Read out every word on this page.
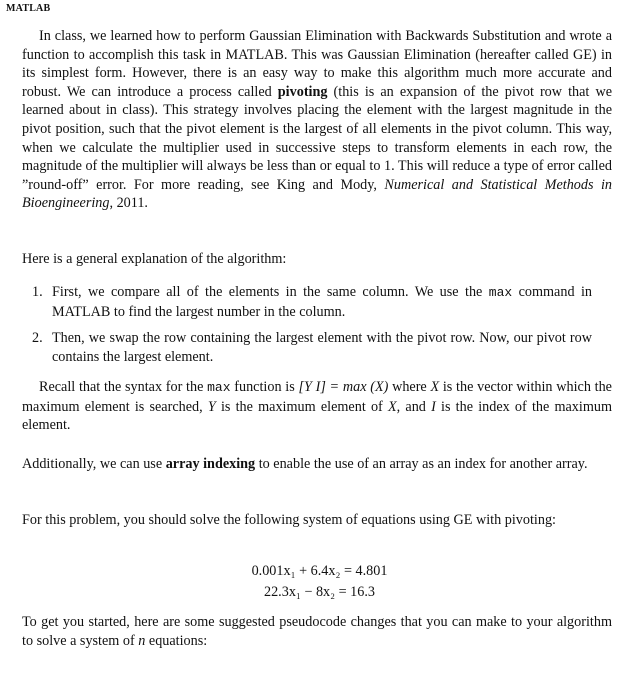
MATLAB

In class, we learned how to perform Gaussian Elimination with Backwards Substitution and wrote a function to accomplish this task in MATLAB. This was Gaussian Elimination (hereafter called GE) in its simplest form. However, there is an easy way to make this algorithm much more accurate and robust. We can introduce a process called pivoting (this is an expansion of the pivot row that we learned about in class). This strategy involves placing the element with the largest magnitude in the pivot position, such that the pivot element is the largest of all elements in the pivot column. This way, when we calculate the multiplier used in successive steps to transform elements in each row, the magnitude of the multiplier will always be less than or equal to 1. This will reduce a type of error called ”round-off” error. For more reading, see King and Mody, Numerical and Statistical Methods in Bioengineering, 2011.

Here is a general explanation of the algorithm:

1. First, we compare all of the elements in the same column. We use the max command in MATLAB to find the largest number in the column.
2. Then, we swap the row containing the largest element with the pivot row. Now, our pivot row contains the largest element.

Recall that the syntax for the max function is [Y I] = max (X) where X is the vector within which the maximum element is searched, Y is the maximum element of X, and I is the index of the maximum element.

Additionally, we can use array indexing to enable the use of an array as an index for another array.

For this problem, you should solve the following system of equations using GE with pivoting:

0.001x₁ + 6.4x₂ = 4.801
22.3x₁ − 8x₂ = 16.3

To get you started, here are some suggested pseudocode changes that you can make to your algorithm to solve a system of n equations:
